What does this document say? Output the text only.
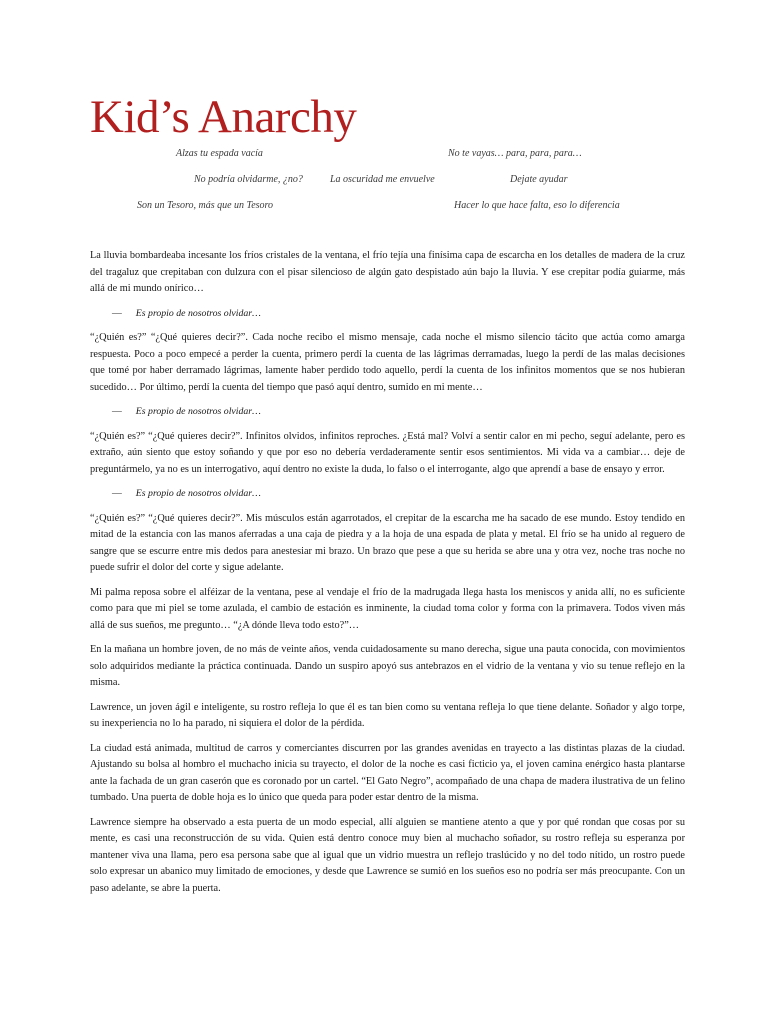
Kid’s Anarchy
Alzas tu espada vacía	No te vayas… para, para, para…
No podría olvidarme, ¿no?	La oscuridad me envuelve	Dejate ayudar
Son un Tesoro, más que un Tesoro	Hacer lo que hace falta, eso lo diferencia

La lluvia bombardeaba incesante los fríos cristales de la ventana, el frío tejía una finísima capa de escarcha en los detalles de madera de la cruz del tragaluz que crepitaban con dulzura con el pisar silencioso de algún gato despistado aún bajo la lluvia. Y ese crepitar podía guiarme, más allá de mi mundo onírico…

— Es propio de nosotros olvidar…

“¿Quién es?” “¿Qué quieres decir?”. Cada noche recibo el mismo mensaje, cada noche el mismo silencio tácito que actúa como amarga respuesta. Poco a poco empecé a perder la cuenta, primero perdí la cuenta de las lágrimas derramadas, luego la perdí de las malas decisiones que tomé por haber derramado lágrimas, lamente haber perdido todo aquello, perdí la cuenta de los infinitos momentos que se nos hubieran sucedido… Por último, perdí la cuenta del tiempo que pasó aquí dentro, sumido en mi mente…

— Es propio de nosotros olvidar…

“¿Quién es?” “¿Qué quieres decir?”. Infinitos olvidos, infinitos reproches. ¿Está mal? Volví a sentir calor en mi pecho, seguí adelante, pero es extraño, aún siento que estoy soñando y que por eso no debería verdaderamente sentir esos sentimientos. Mi vida va a cambiar… deje de preguntármelo, ya no es un interrogativo, aquí dentro no existe la duda, lo falso o el interrogante, algo que aprendí a base de ensayo y error.

— Es propio de nosotros olvidar…

“¿Quién es?” “¿Qué quieres decir?”. Mis músculos están agarrotados, el crepitar de la escarcha me ha sacado de ese mundo. Estoy tendido en mitad de la estancia con las manos aferradas a una caja de piedra y a la hoja de una espada de plata y metal. El frío se ha unido al reguero de sangre que se escurre entre mis dedos para anestesiar mi brazo. Un brazo que pese a que su herida se abre una y otra vez, noche tras noche no puede sufrir el dolor del corte y sigue adelante.

Mi palma reposa sobre el alféizar de la ventana, pese al vendaje el frío de la madrugada llega hasta los meniscos y anida allí, no es suficiente como para que mi piel se tome azulada, el cambio de estación es inminente, la ciudad toma color y forma con la primavera. Todos viven más allá de sus sueños, me pregunto… “¿A dónde lleva todo esto?”…

En la mañana un hombre joven, de no más de veinte años, venda cuidadosamente su mano derecha, sigue una pauta conocida, con movimientos solo adquiridos mediante la práctica continuada. Dando un suspiro apoyó sus antebrazos en el vidrio de la ventana y vio su tenue reflejo en la misma.

Lawrence, un joven ágil e inteligente, su rostro refleja lo que él es tan bien como su ventana refleja lo que tiene delante. Soñador y algo torpe, su inexperiencia no lo ha parado, ni siquiera el dolor de la pérdida.

La ciudad está animada, multitud de carros y comerciantes discurren por las grandes avenidas en trayecto a las distintas plazas de la ciudad. Ajustando su bolsa al hombro el muchacho inicia su trayecto, el dolor de la noche es casi ficticio ya, el joven camina enérgico hasta plantarse ante la fachada de un gran caserón que es coronado por un cartel. “El Gato Negro”, acompañado de una chapa de madera ilustrativa de un felino tumbado. Una puerta de doble hoja es lo único que queda para poder estar dentro de la misma.

Lawrence siempre ha observado a esta puerta de un modo especial, allí alguien se mantiene atento a que y por qué rondan que cosas por su mente, es casi una reconstrucción de su vida. Quien está dentro conoce muy bien al muchacho soñador, su rostro refleja su esperanza por mantener viva una llama, pero esa persona sabe que al igual que un vidrio muestra un reflejo traslúcido y no del todo nítido, un rostro puede solo expresar un abanico muy limitado de emociones, y desde que Lawrence se sumió en los sueños eso no podría ser más preocupante. Con un paso adelante, se abre la puerta.
